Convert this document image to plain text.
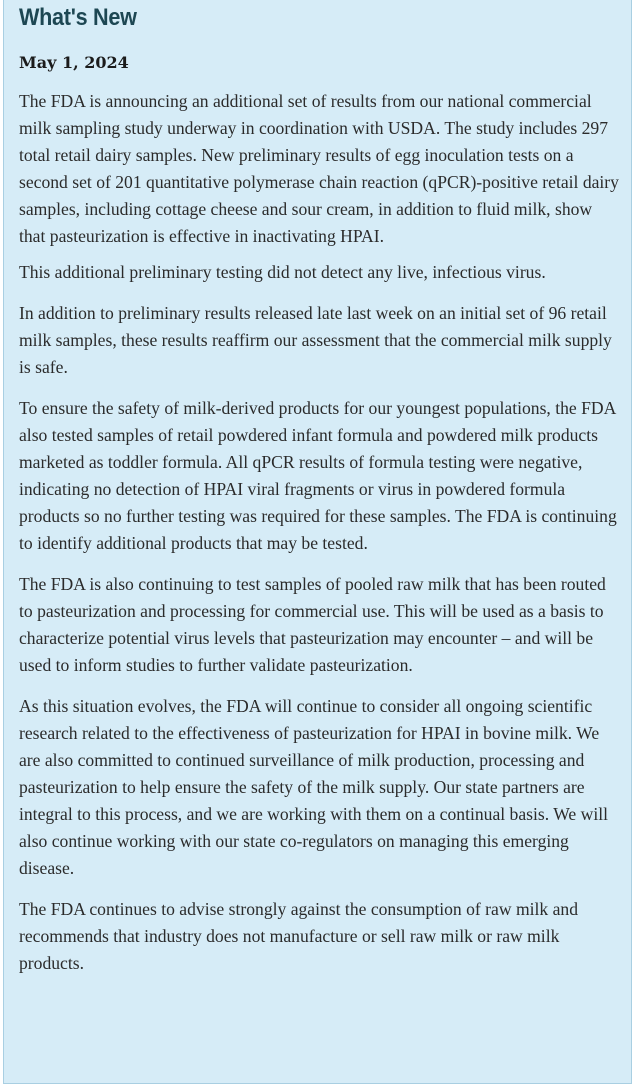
What's New
May 1, 2024

The FDA is announcing an additional set of results from our national commercial milk sampling study underway in coordination with USDA. The study includes 297 total retail dairy samples. New preliminary results of egg inoculation tests on a second set of 201 quantitative polymerase chain reaction (qPCR)-positive retail dairy samples, including cottage cheese and sour cream, in addition to fluid milk, show that pasteurization is effective in inactivating HPAI.

This additional preliminary testing did not detect any live, infectious virus.

In addition to preliminary results released late last week on an initial set of 96 retail milk samples, these results reaffirm our assessment that the commercial milk supply is safe.

To ensure the safety of milk-derived products for our youngest populations, the FDA also tested samples of retail powdered infant formula and powdered milk products marketed as toddler formula. All qPCR results of formula testing were negative, indicating no detection of HPAI viral fragments or virus in powdered formula products so no further testing was required for these samples. The FDA is continuing to identify additional products that may be tested.

The FDA is also continuing to test samples of pooled raw milk that has been routed to pasteurization and processing for commercial use. This will be used as a basis to characterize potential virus levels that pasteurization may encounter – and will be used to inform studies to further validate pasteurization.

As this situation evolves, the FDA will continue to consider all ongoing scientific research related to the effectiveness of pasteurization for HPAI in bovine milk. We are also committed to continued surveillance of milk production, processing and pasteurization to help ensure the safety of the milk supply. Our state partners are integral to this process, and we are working with them on a continual basis. We will also continue working with our state co-regulators on managing this emerging disease.

The FDA continues to advise strongly against the consumption of raw milk and recommends that industry does not manufacture or sell raw milk or raw milk products.
